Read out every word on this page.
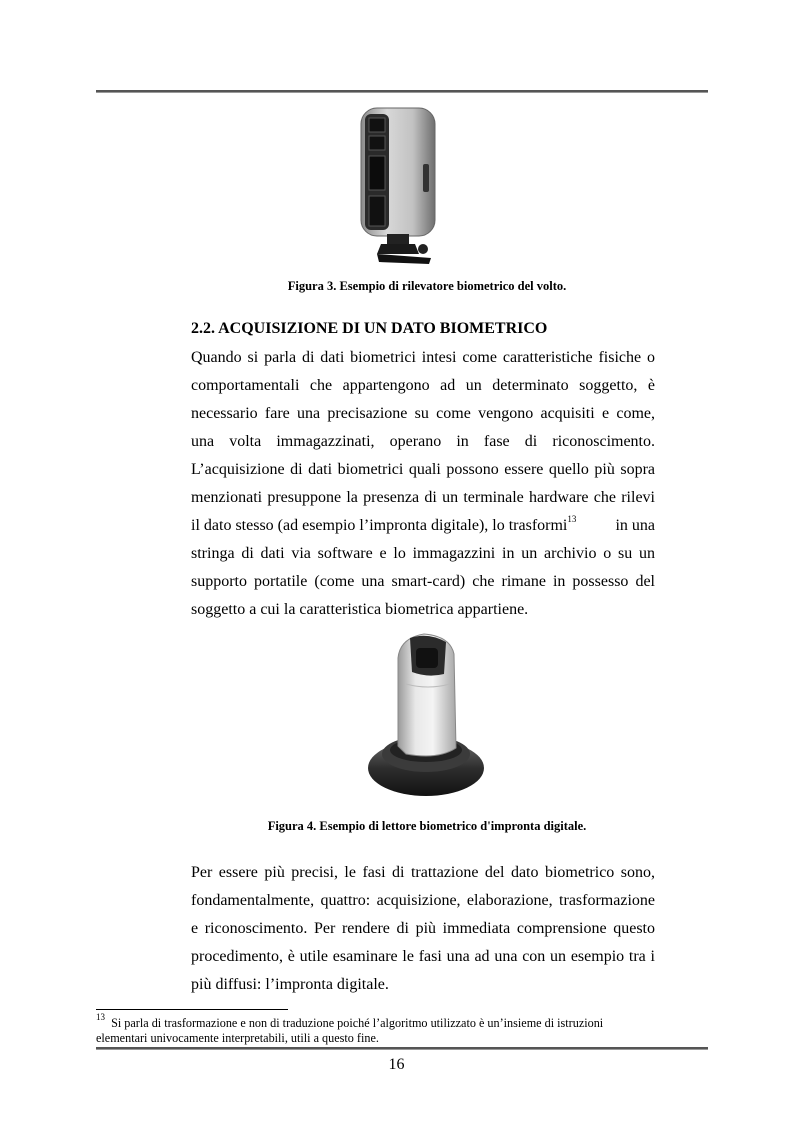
Figura 3. Esempio di rilevatore biometrico del volto.
2.2. ACQUISIZIONE DI UN DATO BIOMETRICO
Quando si parla di dati biometrici intesi come caratteristiche fisiche o
comportamentali che appartengono ad un determinato soggetto, è
necessario fare una precisazione su come vengono acquisiti e come,
una volta immagazzinati, operano in fase di riconoscimento.
L’acquisizione di dati biometrici quali possono essere quello più sopra
menzionati presuppone la presenza di un terminale hardware che rilevi
il dato stesso (ad esempio l’impronta digitale), lo trasformi$^{13}$ in una
stringa di dati via software e lo immagazzini in un archivio o su un
supporto portatile (come una smart-card) che rimane in possesso del
soggetto a cui la caratteristica biometrica appartiene.
Figura 4. Esempio di lettore biometrico d'impronta digitale.
Per essere più precisi, le fasi di trattazione del dato biometrico sono,
fondamentalmente, quattro: acquisizione, elaborazione, trasformazione
e riconoscimento. Per rendere di più immediata comprensione questo
procedimento, è utile esaminare le fasi una ad una con un esempio tra i
più diffusi: l’impronta digitale.
$^{13}$ Si parla di trasformazione e non di traduzione poiché l’algoritmo utilizzato è un’insieme di istruzioni
elementari univocamente interpretabili, utili a questo fine.
16
